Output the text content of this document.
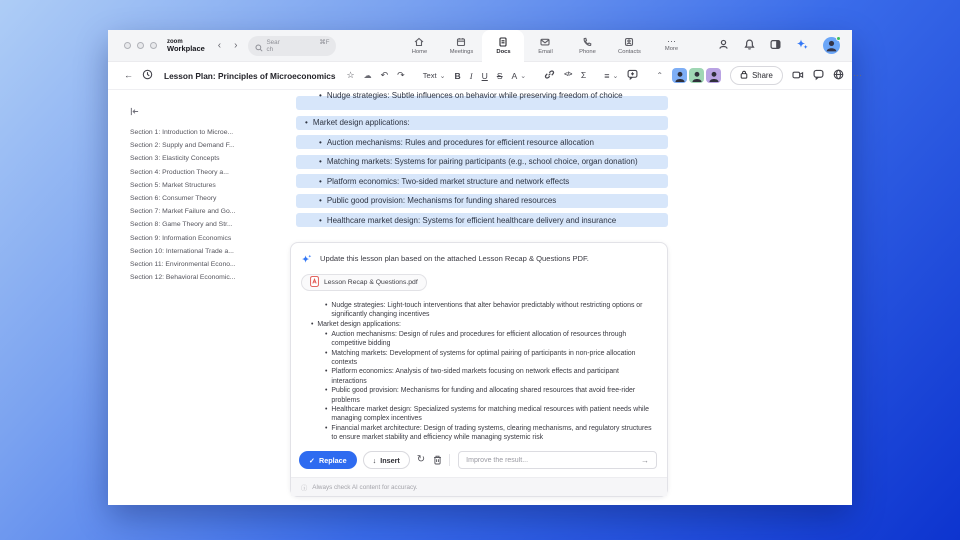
zoom
Workplace ‹ ›	Search
⌘F
Home	Meetings	Docs	Email	Phone	Contacts
⋯
More
←	Lesson Plan: Principles of Microeconomics ☆ ☁ ↶ ↷ Text ⌄ B I U S A ⌄	</> Σ ≡ ⌄	⌃	Share	⋯
Section 1: Introduction to Microe...
Section 2: Supply and Demand F...
Section 3: Elasticity Concepts
Section 4: Production Theory a...
Section 5: Market Structures
Section 6: Consumer Theory
Section 7: Market Failure and Go...
Section 8: Game Theory and Str...
Section 9: Information Economics
Section 10: International Trade a...
Section 11: Environmental Econo...
Section 12: Behavioral Economic...
• Nudge strategies: Subtle influences on behavior while preserving freedom of choice
• Market design applications:
• Auction mechanisms: Rules and procedures for efficient resource allocation
• Matching markets: Systems for pairing participants (e.g., school choice, organ donation)
• Platform economics: Two-sided market structure and network effects
• Public good provision: Mechanisms for funding shared resources
• Healthcare market design: Systems for efficient healthcare delivery and insurance
Update this lesson plan based on the attached Lesson Recap & Questions PDF.
Lesson Recap & Questions.pdf
• Nudge strategies: Light-touch interventions that alter behavior predictably without restricting options or significantly changing incentives
• Market design applications:
• Auction mechanisms: Design of rules and procedures for efficient allocation of resources through competitive bidding
• Matching markets: Development of systems for optimal pairing of participants in non-price allocation contexts
• Platform economics: Analysis of two-sided markets focusing on network effects and participant interactions
• Public good provision: Mechanisms for funding and allocating shared resources that avoid free-rider problems
• Healthcare market design: Specialized systems for matching medical resources with patient needs while managing complex incentives
• Financial market architecture: Design of trading systems, clearing mechanisms, and regulatory structures to ensure market stability and efficiency while managing systemic risk
✓ Replace	↓ Insert ↻
Improve the result...	→
ⓘ Always check AI content for accuracy.
